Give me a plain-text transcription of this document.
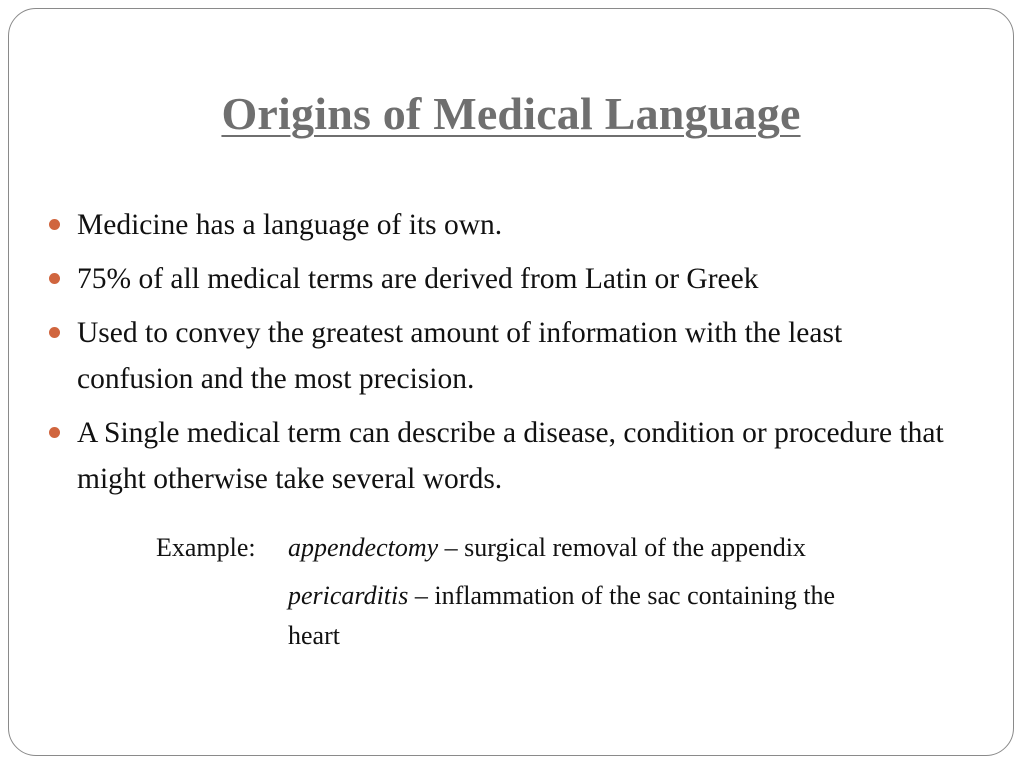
Origins of Medical Language
Medicine has a language of its own.
75% of all medical terms are derived from Latin or Greek
Used to convey the greatest amount of information with the least confusion and the most precision.
A Single medical term can describe a disease, condition or procedure that might otherwise take several words.
Example: appendectomy – surgical removal of the appendix
pericarditis – inflammation of the sac containing the heart
